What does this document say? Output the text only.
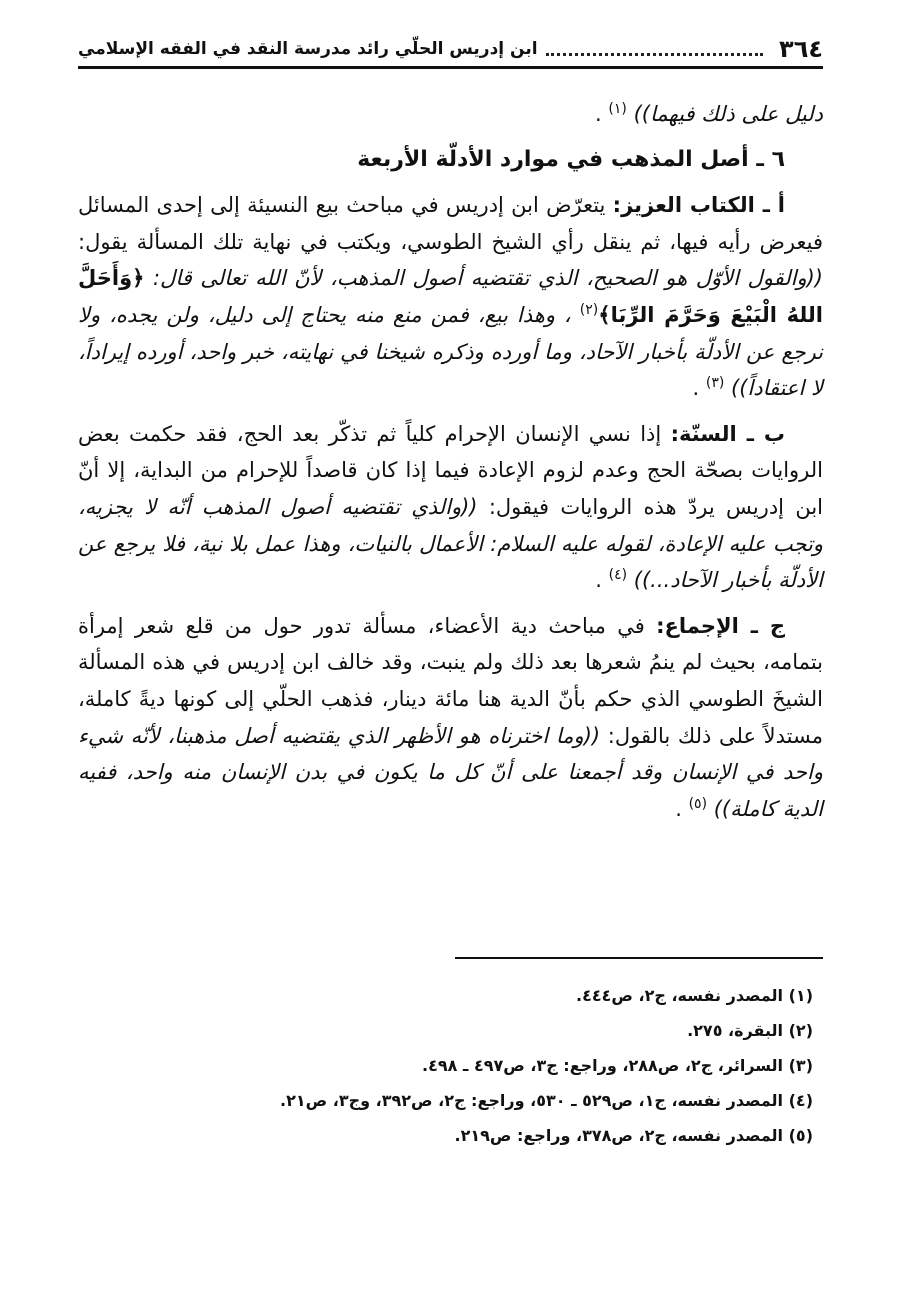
٣٦٤
ابن إدريس الحلّي رائد مدرسة النقد في الفقه الإسلامي

دليل على ذلك فيهما)) $^{(١)}$ .

٦ ـ أصل المذهب في موارد الأدلّة الأربعة

أ ـ الكتاب العزيز: يتعرّض ابن إدريس في مباحث بيع النسيئة إلى إحدى المسائل فيعرض رأيه فيها، ثم ينقل رأي الشيخ الطوسي، ويكتب في نهاية تلك المسألة يقول: ((والقول الأوّل هو الصحيح، الذي تقتضيه أصول المذهب، لأنّ الله تعالى قال: ﴿وَأَحَلَّ اللهُ الْبَيْعَ وَحَرَّمَ الرِّبَا﴾$^{(٢)}$ ، وهذا بيع، فمن منع منه يحتاج إلى دليل، ولن يجده، ولا نرجع عن الأدلّة بأخبار الآحاد، وما أورده وذكره شيخنا في نهايته، خبر واحد، أورده إيراداً، لا اعتقاداً)) $^{(٣)}$ .

ب ـ السنّة: إذا نسي الإنسان الإحرام كلياً ثم تذكّر بعد الحج، فقد حكمت بعض الروايات بصحّة الحج وعدم لزوم الإعادة فيما إذا كان قاصداً للإحرام من البداية، إلا أنّ ابن إدريس يردّ هذه الروايات فيقول: ((والذي تقتضيه أصول المذهب أنّه لا يجزيه، وتجب عليه الإعادة، لقوله عليه السلام: الأعمال بالنيات، وهذا عمل بلا نية، فلا يرجع عن الأدلّة بأخبار الآحاد...)) $^{(٤)}$ .

ج ـ الإجماع: في مباحث دية الأعضاء، مسألة تدور حول من قلع شعر إمرأة بتمامه، بحيث لم ينمُ شعرها بعد ذلك ولم ينبت، وقد خالف ابن إدريس في هذه المسألة الشيخَ الطوسي الذي حكم بأنّ الدية هنا مائة دينار، فذهب الحلّي إلى كونها ديةً كاملة، مستدلاً على ذلك بالقول: ((وما اخترناه هو الأظهر الذي يقتضيه أصل مذهبنا، لأنّه شيء واحد في الإنسان وقد أجمعنا على أنّ كل ما يكون في بدن الإنسان منه واحد، ففيه الدية كاملة)) $^{(٥)}$ .

(١) المصدر نفسه، ج٢، ص٤٤٤.

(٢) البقرة، ٢٧٥.

(٣) السرائر، ج٢، ص٢٨٨، وراجع: ج٣، ص٤٩٧ ـ ٤٩٨.

(٤) المصدر نفسه، ج١، ص٥٢٩ ـ ٥٣٠، وراجع: ج٢، ص٣٩٢، وج٣، ص٢١.

(٥) المصدر نفسه، ج٢، ص٣٧٨، وراجع: ص٢١٩.
